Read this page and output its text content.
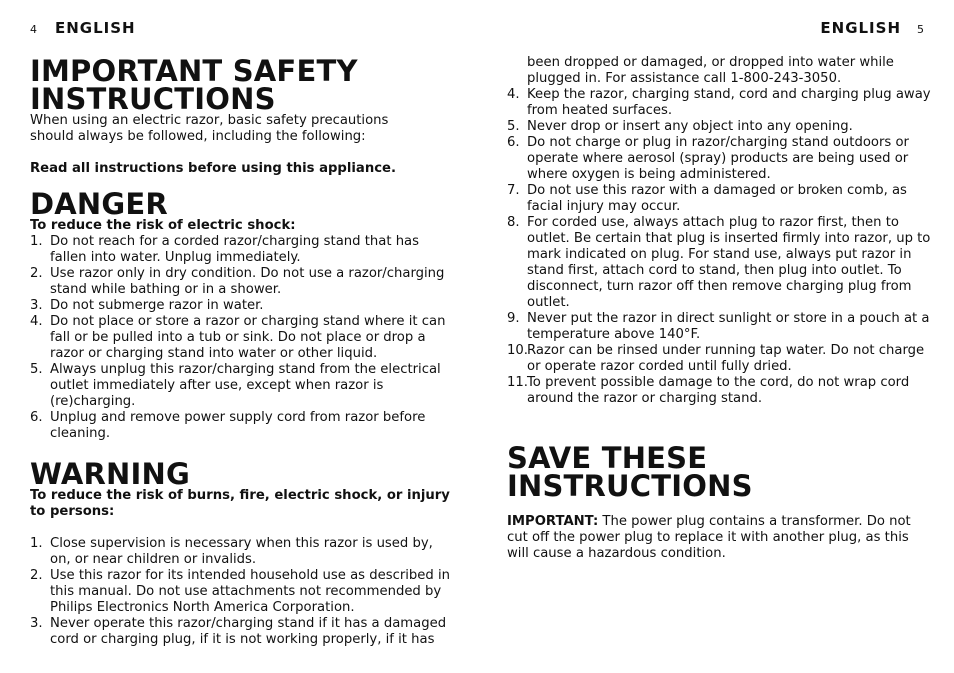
4 ENGLISH
IMPORTANT SAFETY
INSTRUCTIONS
When using an electric razor, basic safety precautions should always be followed, including the following:
Read all instructions before using this appliance.
DANGER
To reduce the risk of electric shock:
1. Do not reach for a corded razor/charging stand that has fallen into water. Unplug immediately.
2. Use razor only in dry condition. Do not use a razor/charging stand while bathing or in a shower.
3. Do not submerge razor in water.
4. Do not place or store a razor or charging stand where it can fall or be pulled into a tub or sink. Do not place or drop a razor or charging stand into water or other liquid.
5. Always unplug this razor/charging stand from the electrical outlet immediately after use, except when razor is (re)charging.
6. Unplug and remove power supply cord from razor before cleaning.
WARNING
To reduce the risk of burns, fire, electric shock, or injury to persons:
1. Close supervision is necessary when this razor is used by, on, or near children or invalids.
2. Use this razor for its intended household use as described in this manual. Do not use attachments not recommended by Philips Electronics North America Corporation.
3. Never operate this razor/charging stand if it has a damaged cord or charging plug, if it is not working properly, if it has
ENGLISH 5
been dropped or damaged, or dropped into water while plugged in. For assistance call 1-800-243-3050.
4. Keep the razor, charging stand, cord and charging plug away from heated surfaces.
5. Never drop or insert any object into any opening.
6. Do not charge or plug in razor/charging stand outdoors or operate where aerosol (spray) products are being used or where oxygen is being administered.
7. Do not use this razor with a damaged or broken comb, as facial injury may occur.
8. For corded use, always attach plug to razor first, then to outlet. Be certain that plug is inserted firmly into razor, up to mark indicated on plug. For stand use, always put razor in stand first, attach cord to stand, then plug into outlet. To disconnect, turn razor off then remove charging plug from outlet.
9. Never put the razor in direct sunlight or store in a pouch at a temperature above 140°F.
10. Razor can be rinsed under running tap water. Do not charge or operate razor corded until fully dried.
11. To prevent possible damage to the cord, do not wrap cord around the razor or charging stand.
SAVE THESE
INSTRUCTIONS
IMPORTANT: The power plug contains a transformer. Do not cut off the power plug to replace it with another plug, as this will cause a hazardous condition.
